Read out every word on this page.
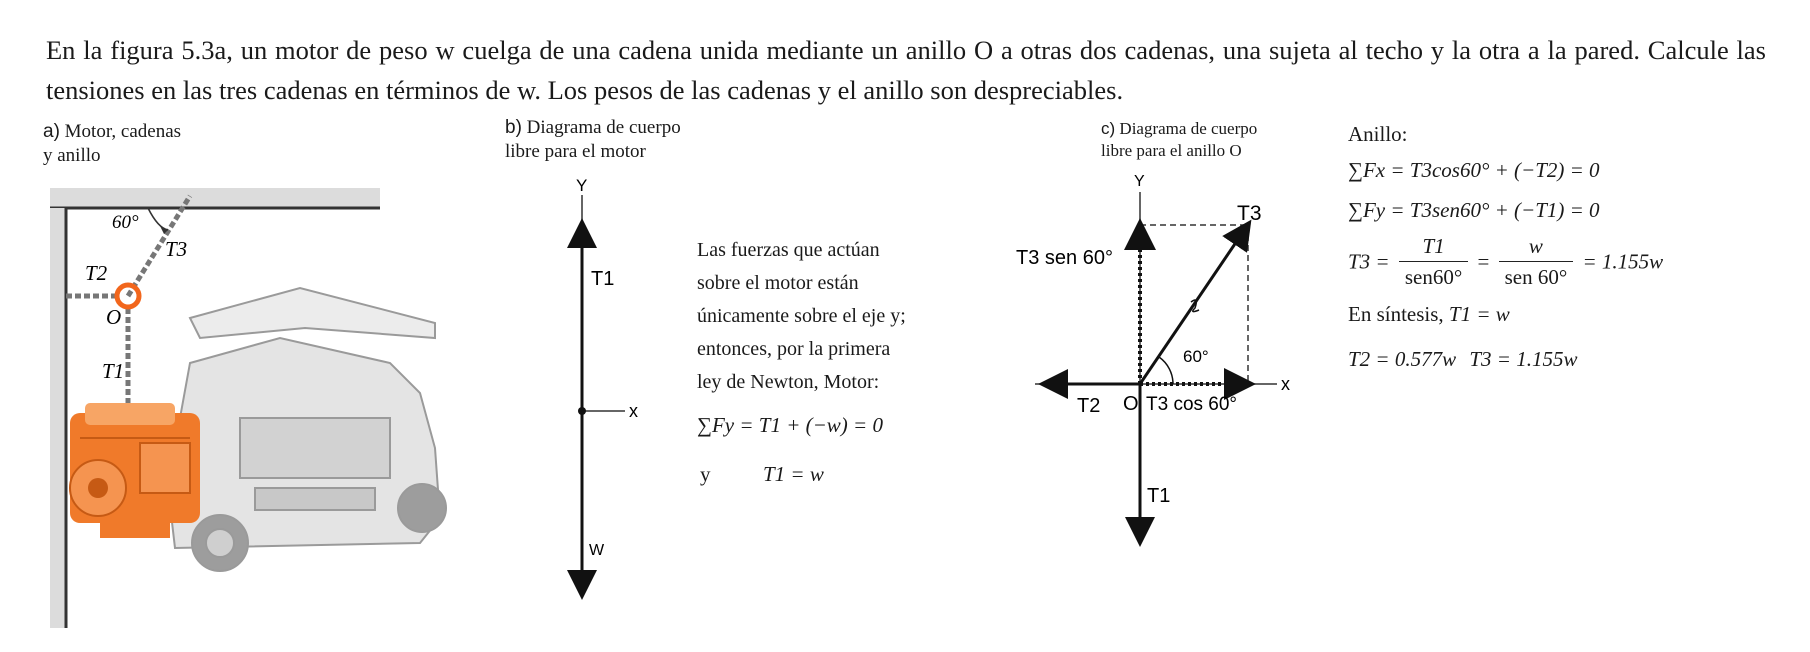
En la figura 5.3a, un motor de peso w cuelga de una cadena unida mediante un anillo O a otras dos cadenas, una sujeta al techo y la otra a la pared. Calcule las tensiones en las tres cadenas en términos de w. Los pesos de las cadenas y el anillo son despreciables.
a) Motor, cadenas
y anillo
60°
T3
T2
O
T1
b) Diagrama de cuerpo
libre para el motor
Y
x
T1
W
Las fuerzas que actúan
sobre el motor están
únicamente sobre el eje y;
entonces, por la primera
ley de Newton, Motor:
∑Fy = T1 + (−w) = 0
y	T1 = w
c) Diagrama de cuerpo
libre para el anillo O
Y
x
T3
T3 sen 60°
60°
T2 O T3 cos 60°
T1
Anillo:
∑Fx = T3cos60° + (−T2) = 0
∑Fy = T3sen60° + (−T1) = 0
$T3 = \frac{T1}{\text{sen60°}} = \frac{w}{\text{sen 60°}} = 1.155w$
En síntesis, T1 = w
T2 = 0.577w T3 = 1.155w
